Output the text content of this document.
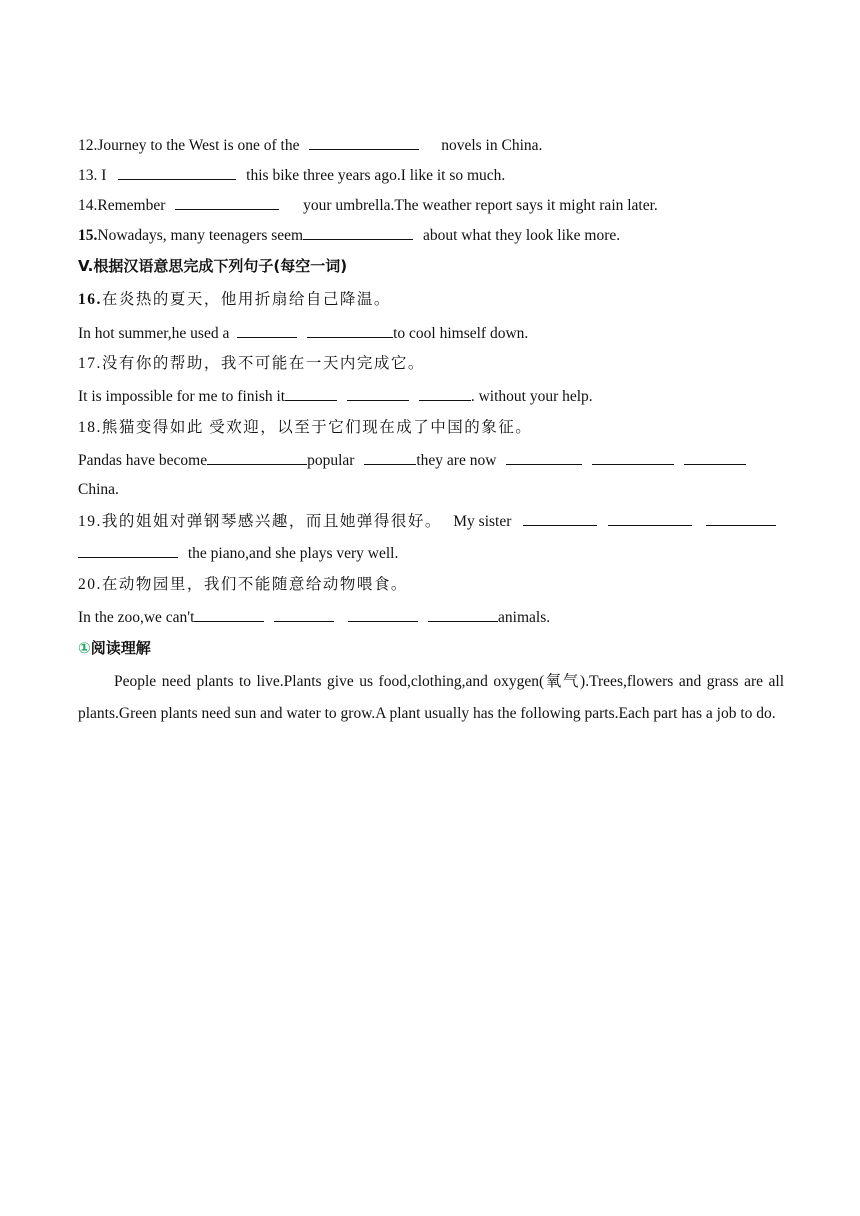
12.Journey to the West is one of the	novels in China.
13. I	this bike three years ago.I like it so much.
14.Remember	your umbrella.The weather report says it might rain later.
15.Nowadays, many teenagers seem	about what they look like more.
V.根据汉语意思完成下列句子(每空一词)
16.在炎热的夏天，他用折扇给自己降温。
In hot summer,he used a	to cool himself down.
17.没有你的帮助，我不可能在一天内完成它。
It is impossible for me to finish it	. without your help.
18.熊猫变得如此 受欢迎，以至于它们现在成了中国的象征。
Pandas have become	popular	they are now
China.
19.我的姐姐对弹钢琴感兴趣，而且她弹得很好。 My sister
the piano,and she plays very well.
20.在动物园里，我们不能随意给动物喂食。
In the zoo,we can't	animals.
①阅读理解
People need plants to live.Plants give us food,clothing,and oxygen(氧气).Trees,flowers and grass are all plants.Green plants need sun and water to grow.A plant usually has the following parts.Each part has a job to do.
